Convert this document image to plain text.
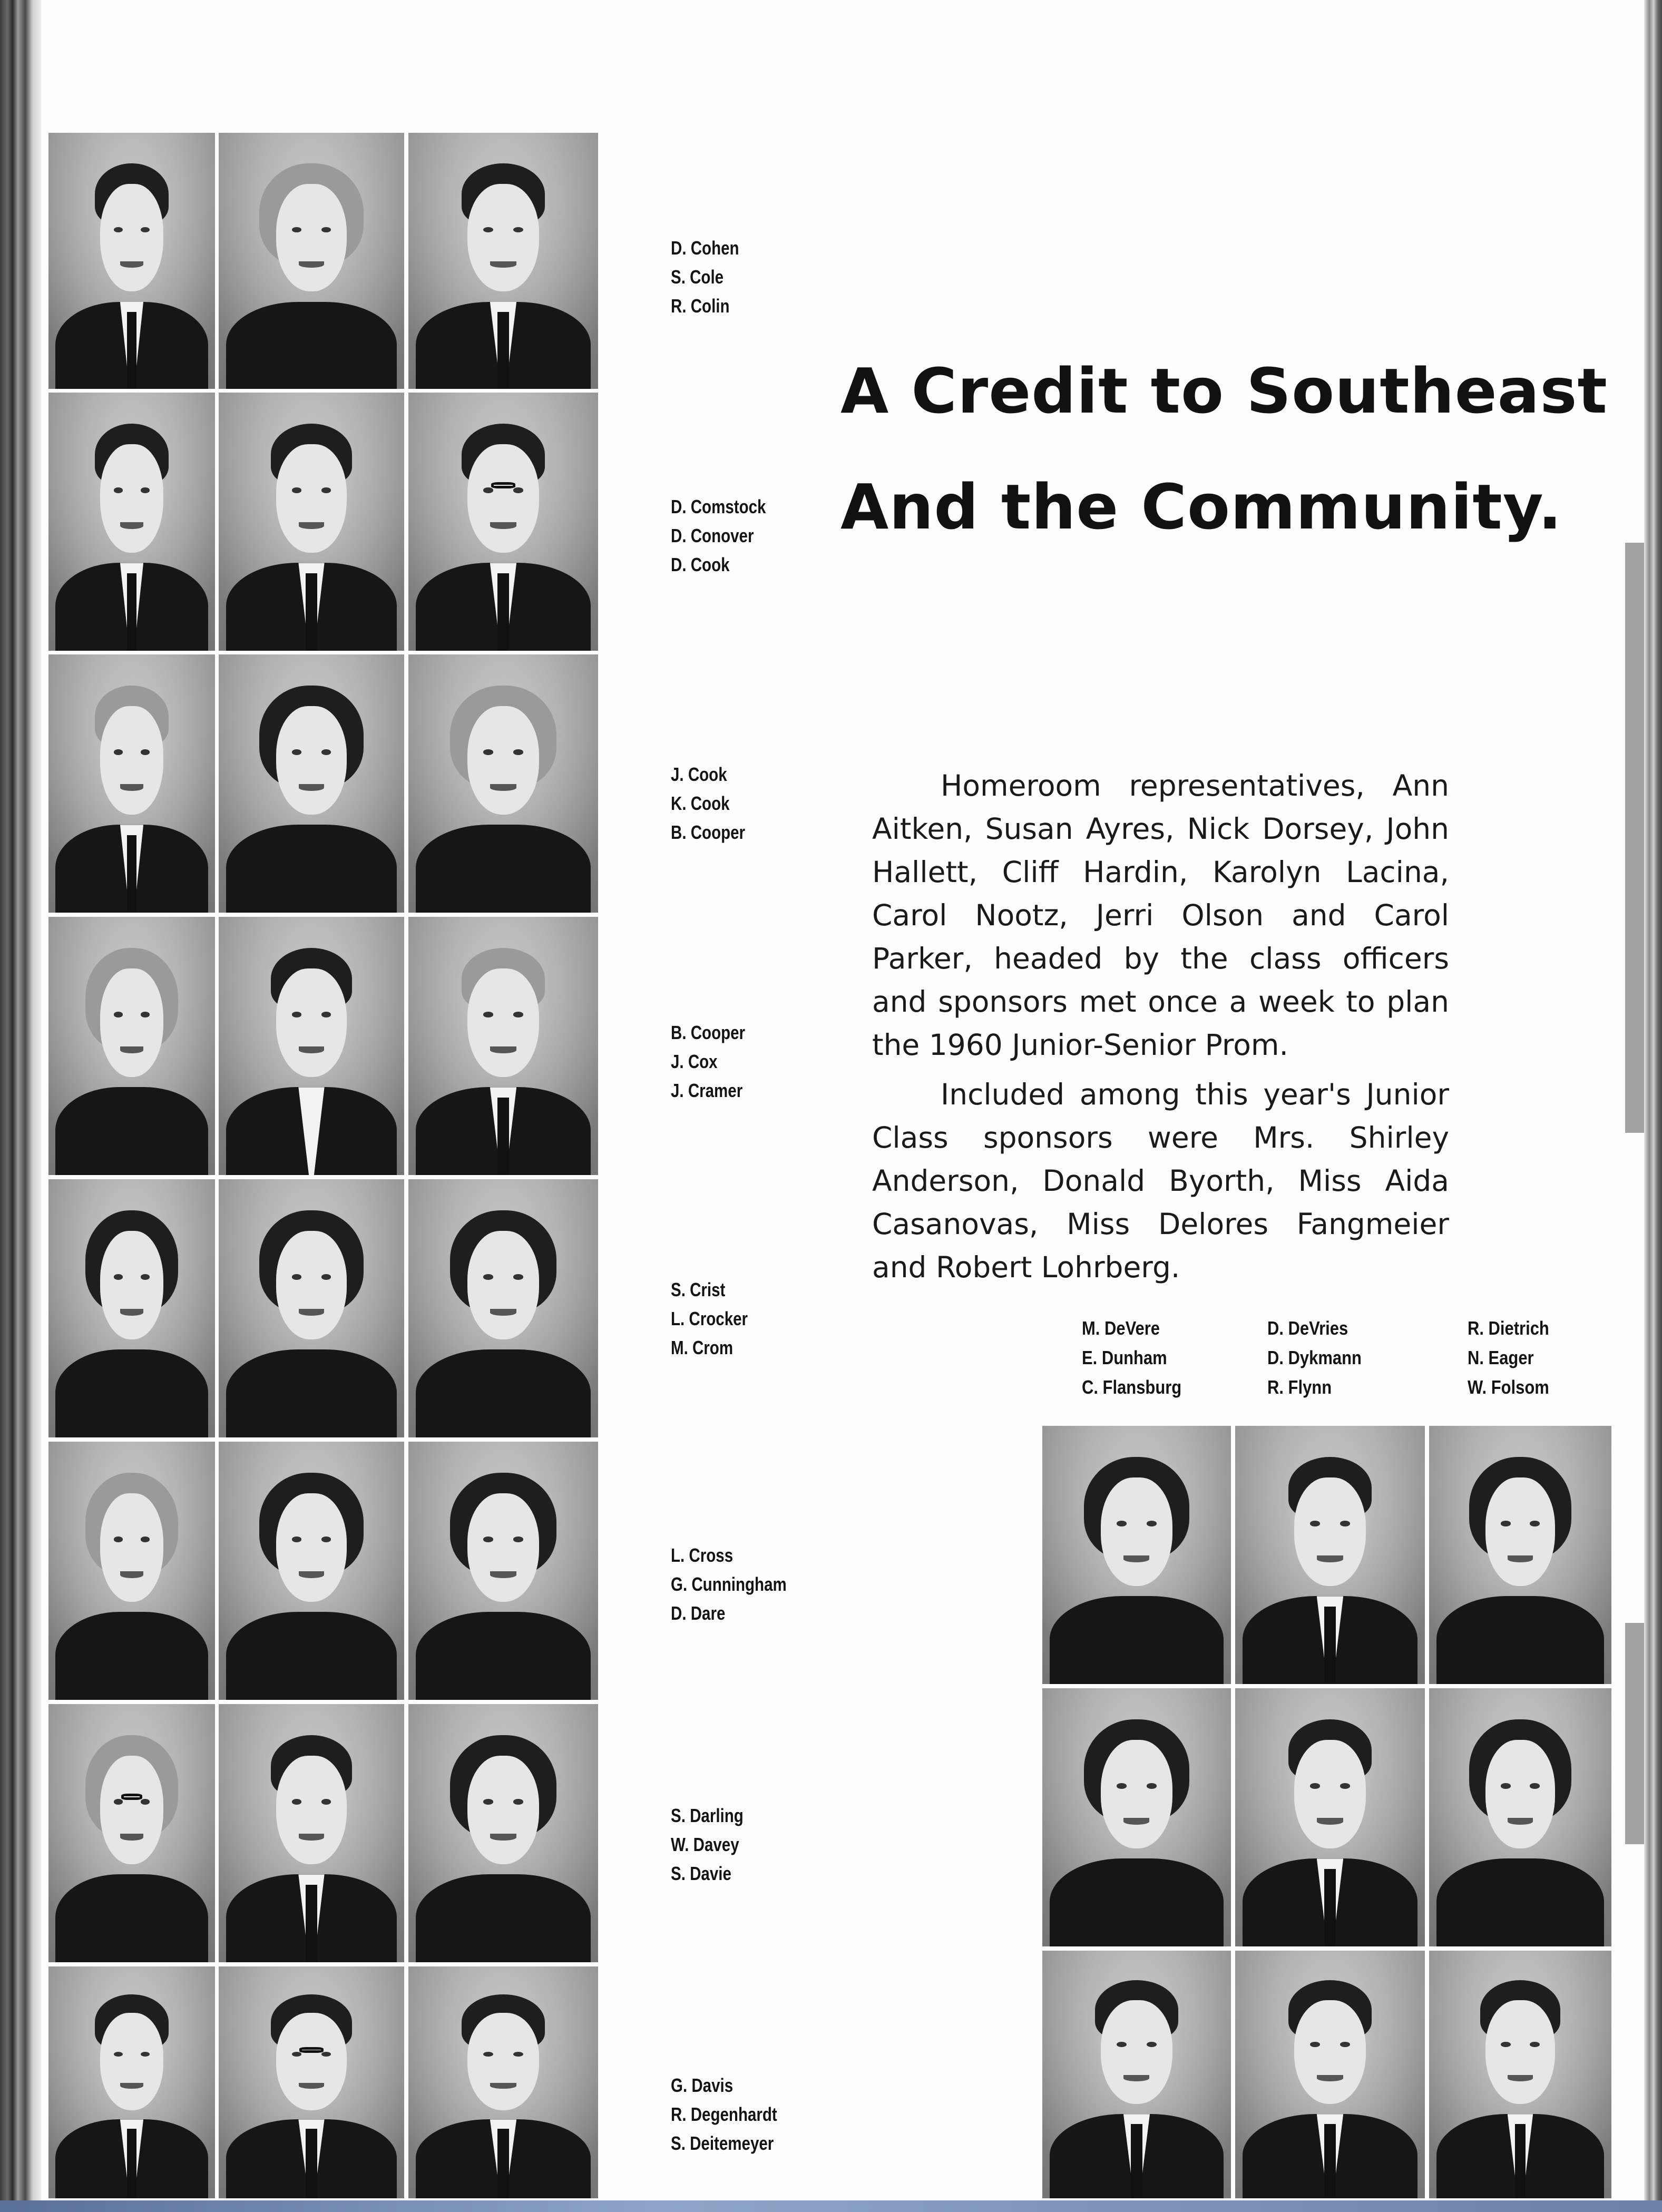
D. Cohen
S. Cole
R. Colin
D. Comstock
D. Conover
D. Cook
J. Cook
K. Cook
B. Cooper
B. Cooper
J. Cox
J. Cramer
S. Crist
L. Crocker
M. Crom
L. Cross
G. Cunningham
D. Dare
S. Darling
W. Davey
S. Davie
G. Davis
R. Degenhardt
S. Deitemeyer
A Credit to Southeast
And the Community.

Homeroom representatives, Ann Aitken, Susan Ayres, Nick Dorsey, John Hallett, Cliff Hardin, Karolyn Lacina, Carol Nootz, Jerri Olson and Carol Parker, headed by the class officers and sponsors met once a week to plan the 1960 Junior-Senior Prom.

Included among this year's Junior Class sponsors were Mrs. Shirley Anderson, Donald Byorth, Miss Aida Casanovas, Miss Delores Fangmeier and Robert Lohrberg.

M. DeVere
E. Dunham
C. Flansburg
D. DeVries
D. Dykmann
R. Flynn
R. Dietrich
N. Eager
W. Folsom
